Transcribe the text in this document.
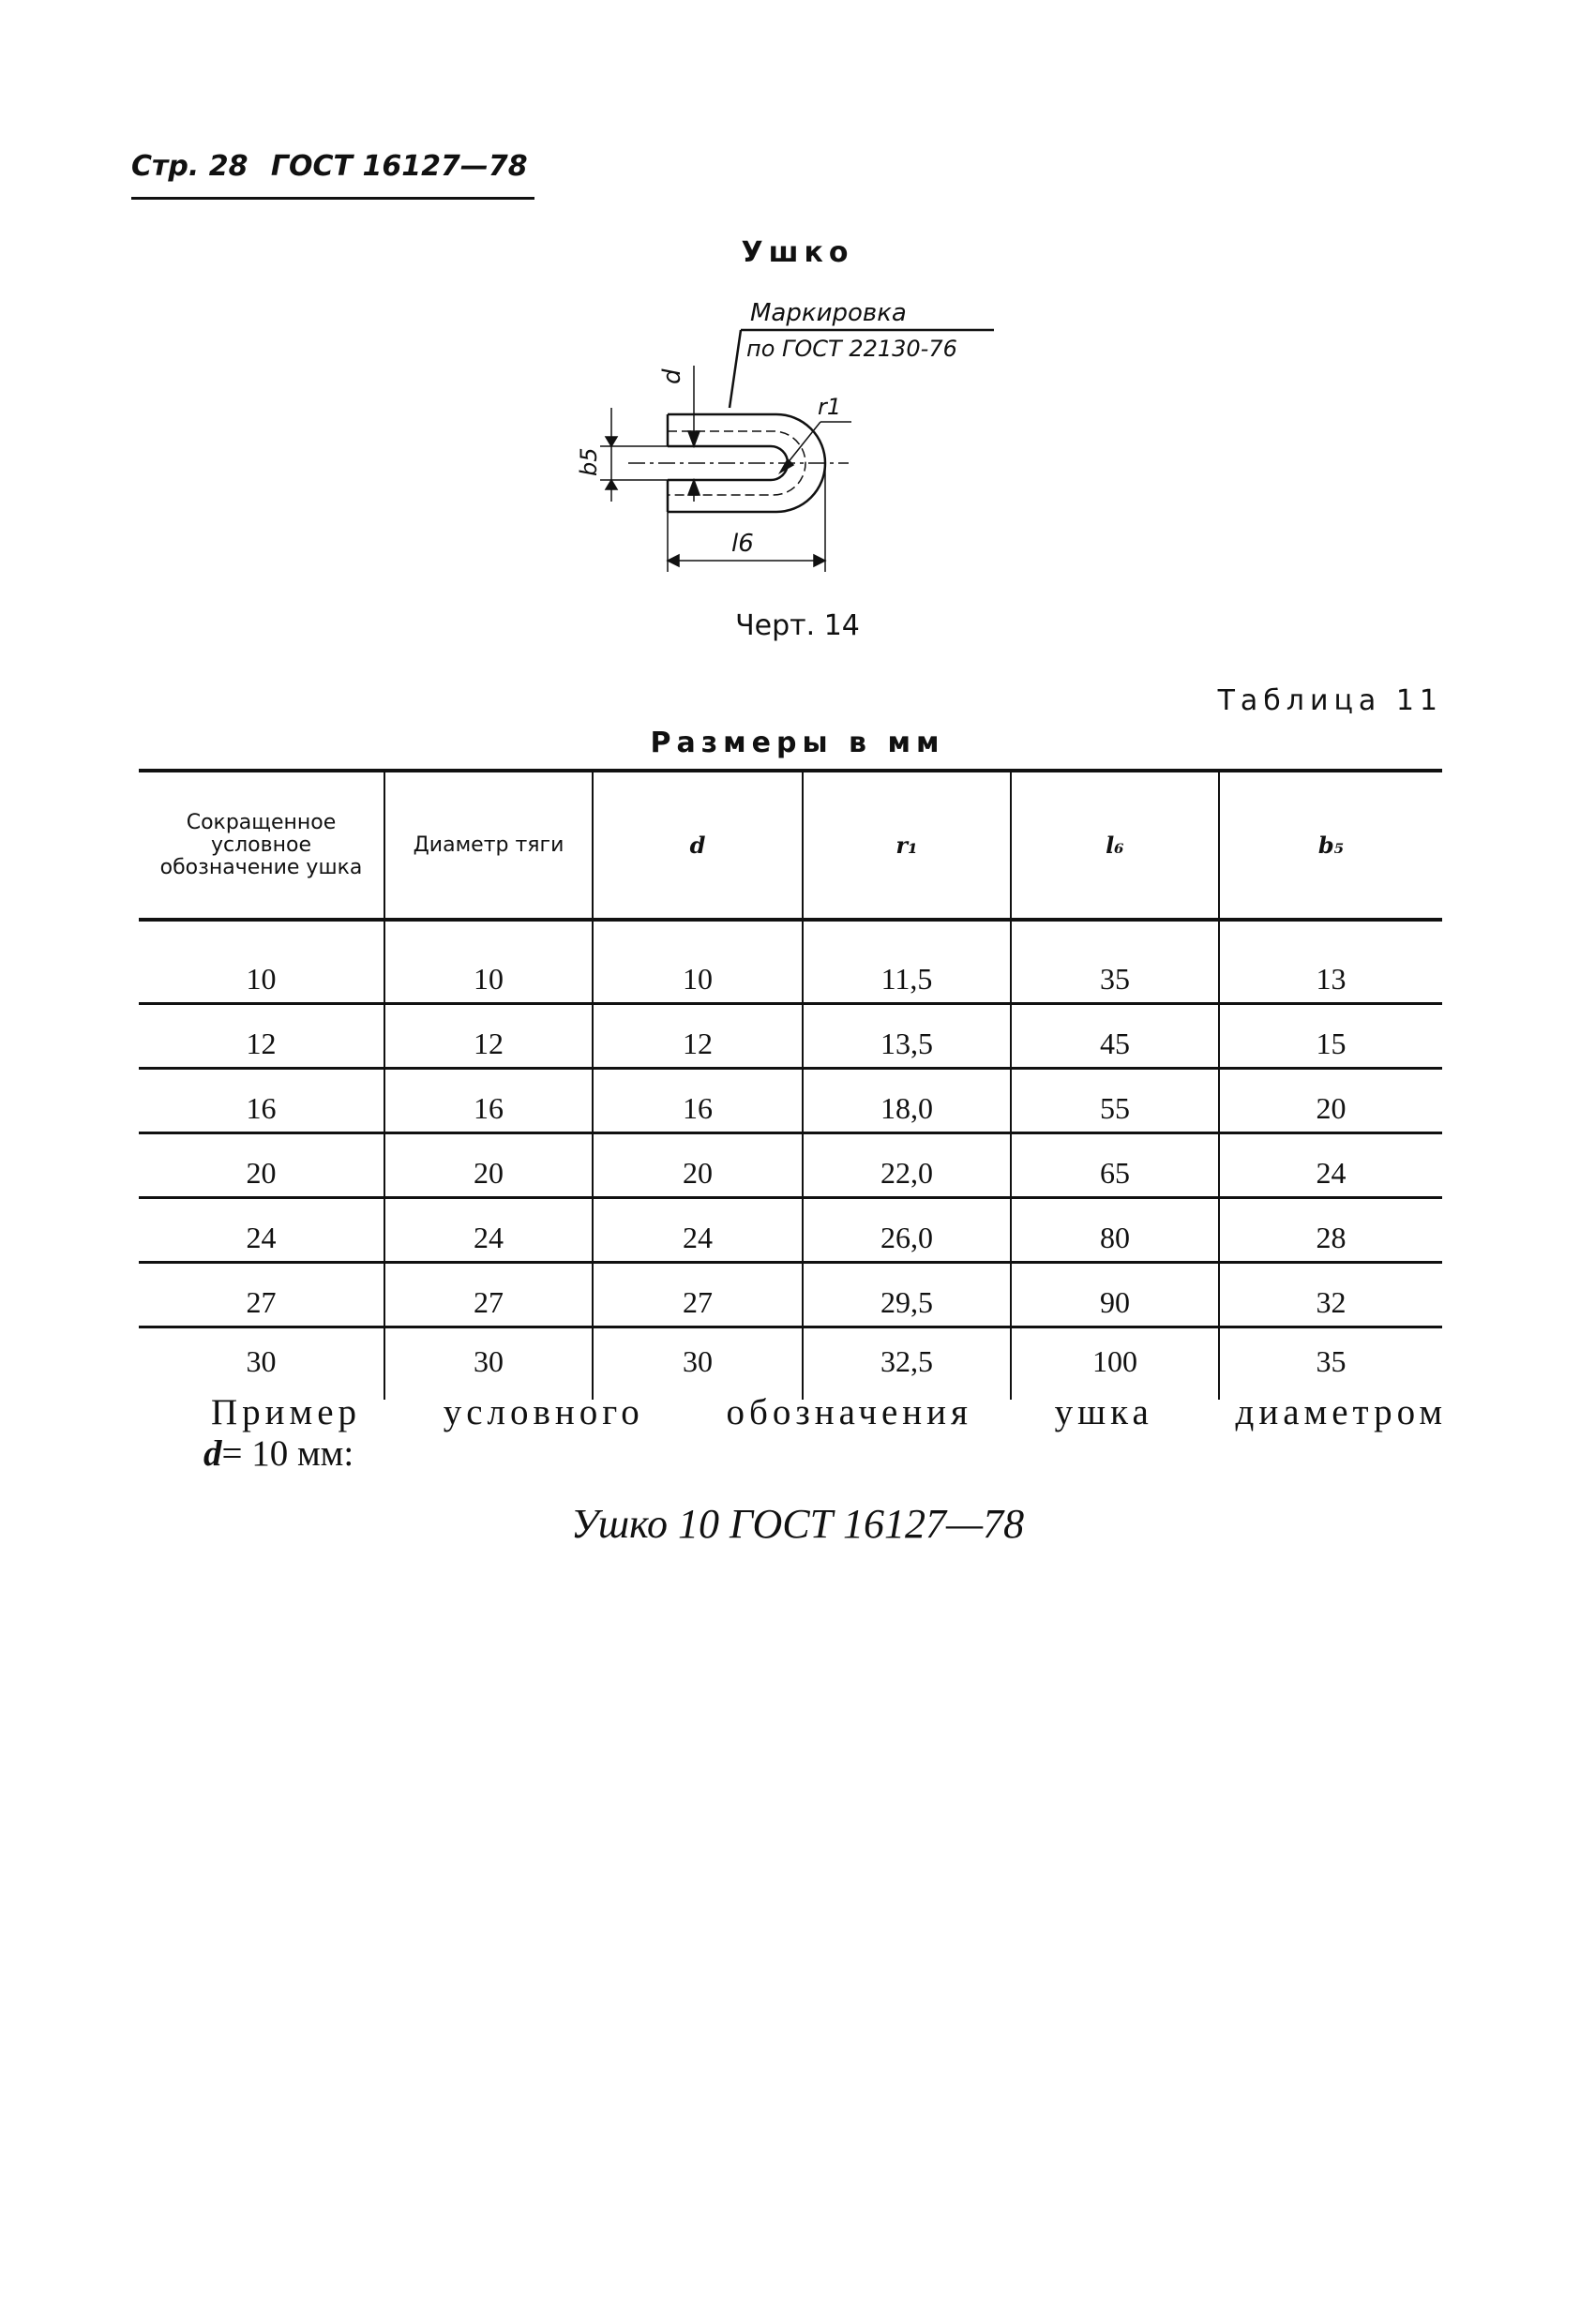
Стр. 28 ГОСТ 16127—78
Ушко
Маркировка
по ГОСТ 22130-76
d
r1
b5
l6
Черт. 14
Таблица 11
Размеры в мм
Сокращенное условное обозначение ушка	Диаметр тяги	d	r₁	l₆	b₅
10	10	10	11,5	35	13
12	12	12	13,5	45	15
16	16	16	18,0	55	20
20	20	20	22,0	65	24
24	24	24	26,0	80	28
27	27	27	29,5	90	32
30	30	30	32,5	100	35
Пример условного обозначения ушка диаметром
d= 10 мм:
Ушко 10 ГОСТ 16127—78
